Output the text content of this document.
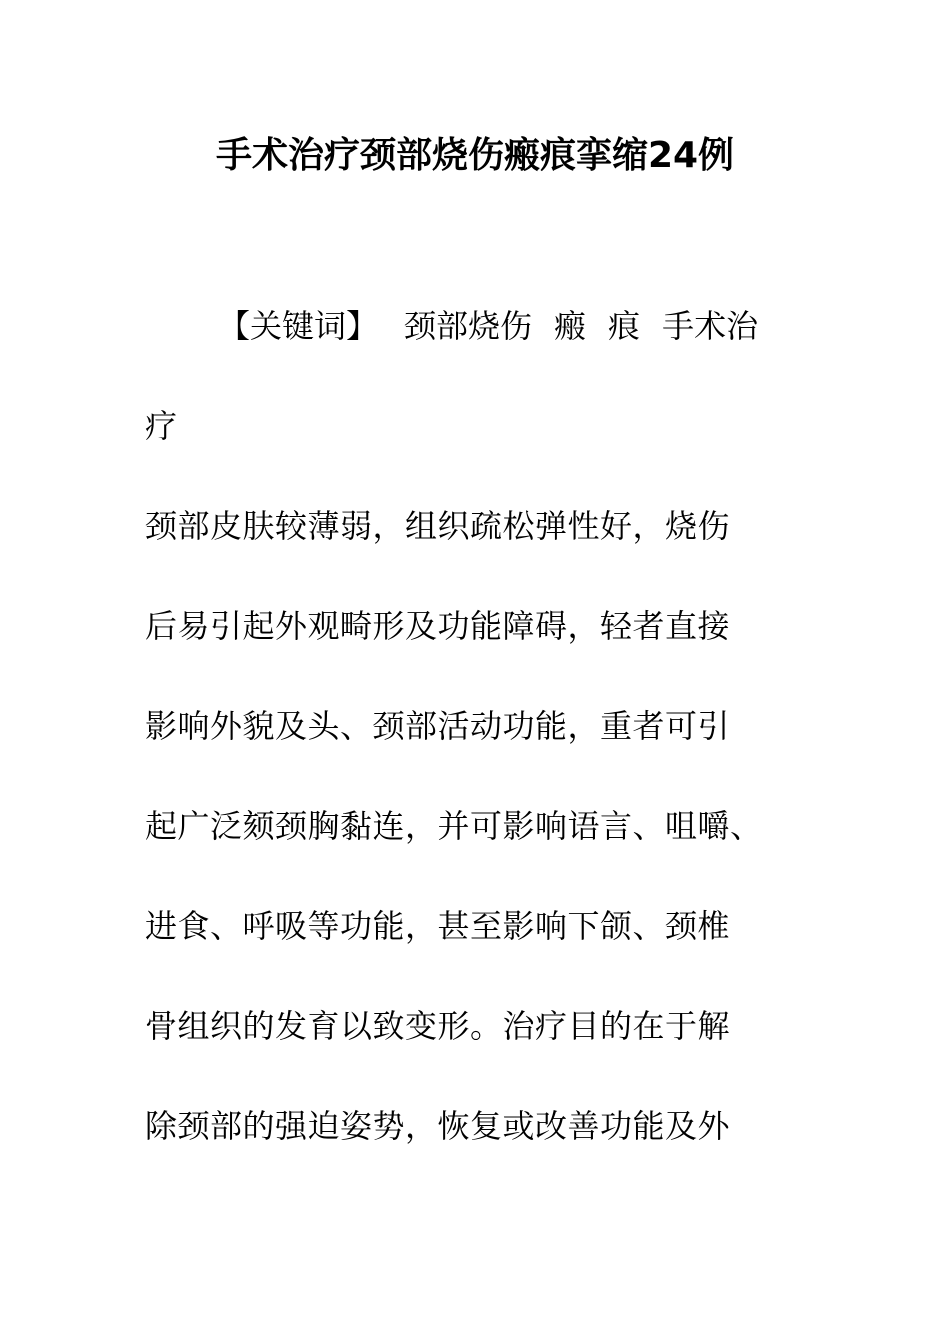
手术治疗颈部烧伤瘢痕挛缩24例
【关键词】 颈部烧伤 瘢 痕 手术治
疗
颈部皮肤较薄弱，组织疏松弹性好，烧伤
后易引起外观畸形及功能障碍，轻者直接
影响外貌及头、颈部活动功能，重者可引
起广泛颏颈胸黏连，并可影响语言、咀嚼、
进食、呼吸等功能，甚至影响下颌、颈椎
骨组织的发育以致变形。治疗目的在于解
除颈部的强迫姿势，恢复或改善功能及外
